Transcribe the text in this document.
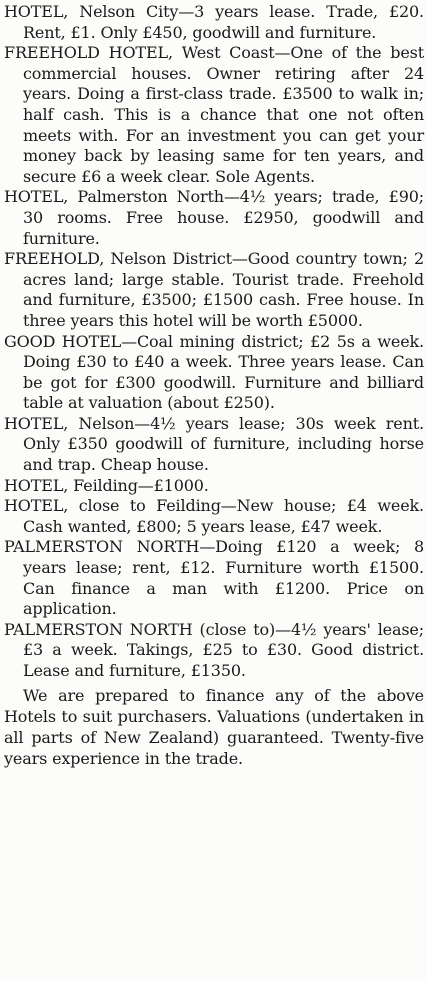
HOTEL, Nelson City—3 years lease. Trade, £20. Rent, £1. Only £450, goodwill and furniture.

FREEHOLD HOTEL, West Coast—One of the best commercial houses. Owner retiring after 24 years. Doing a first-class trade. £3500 to walk in; half cash. This is a chance that one not often meets with. For an investment you can get your money back by leasing same for ten years, and secure £6 a week clear. Sole Agents.

HOTEL, Palmerston North—4½ years; trade, £90; 30 rooms. Free house. £2950, goodwill and furniture.

FREEHOLD, Nelson District—Good country town; 2 acres land; large stable. Tourist trade. Freehold and furniture, £3500; £1500 cash. Free house. In three years this hotel will be worth £5000.

GOOD HOTEL—Coal mining district; £2 5s a week. Doing £30 to £40 a week. Three years lease. Can be got for £300 goodwill. Furniture and billiard table at valuation (about £250).

HOTEL, Nelson—4½ years lease; 30s week rent. Only £350 goodwill of furniture, including horse and trap. Cheap house.

HOTEL, Feilding—£1000.

HOTEL, close to Feilding—New house; £4 week. Cash wanted, £800; 5 years lease, £47 week.

PALMERSTON NORTH—Doing £120 a week; 8 years lease; rent, £12. Furniture worth £1500. Can finance a man with £1200. Price on application.

PALMERSTON NORTH (close to)—4½ years' lease; £3 a week. Takings, £25 to £30. Good district. Lease and furniture, £1350.

We are prepared to finance any of the above Hotels to suit purchasers. Valuations (undertaken in all parts of New Zealand) guaranteed. Twenty-five years experience in the trade.
